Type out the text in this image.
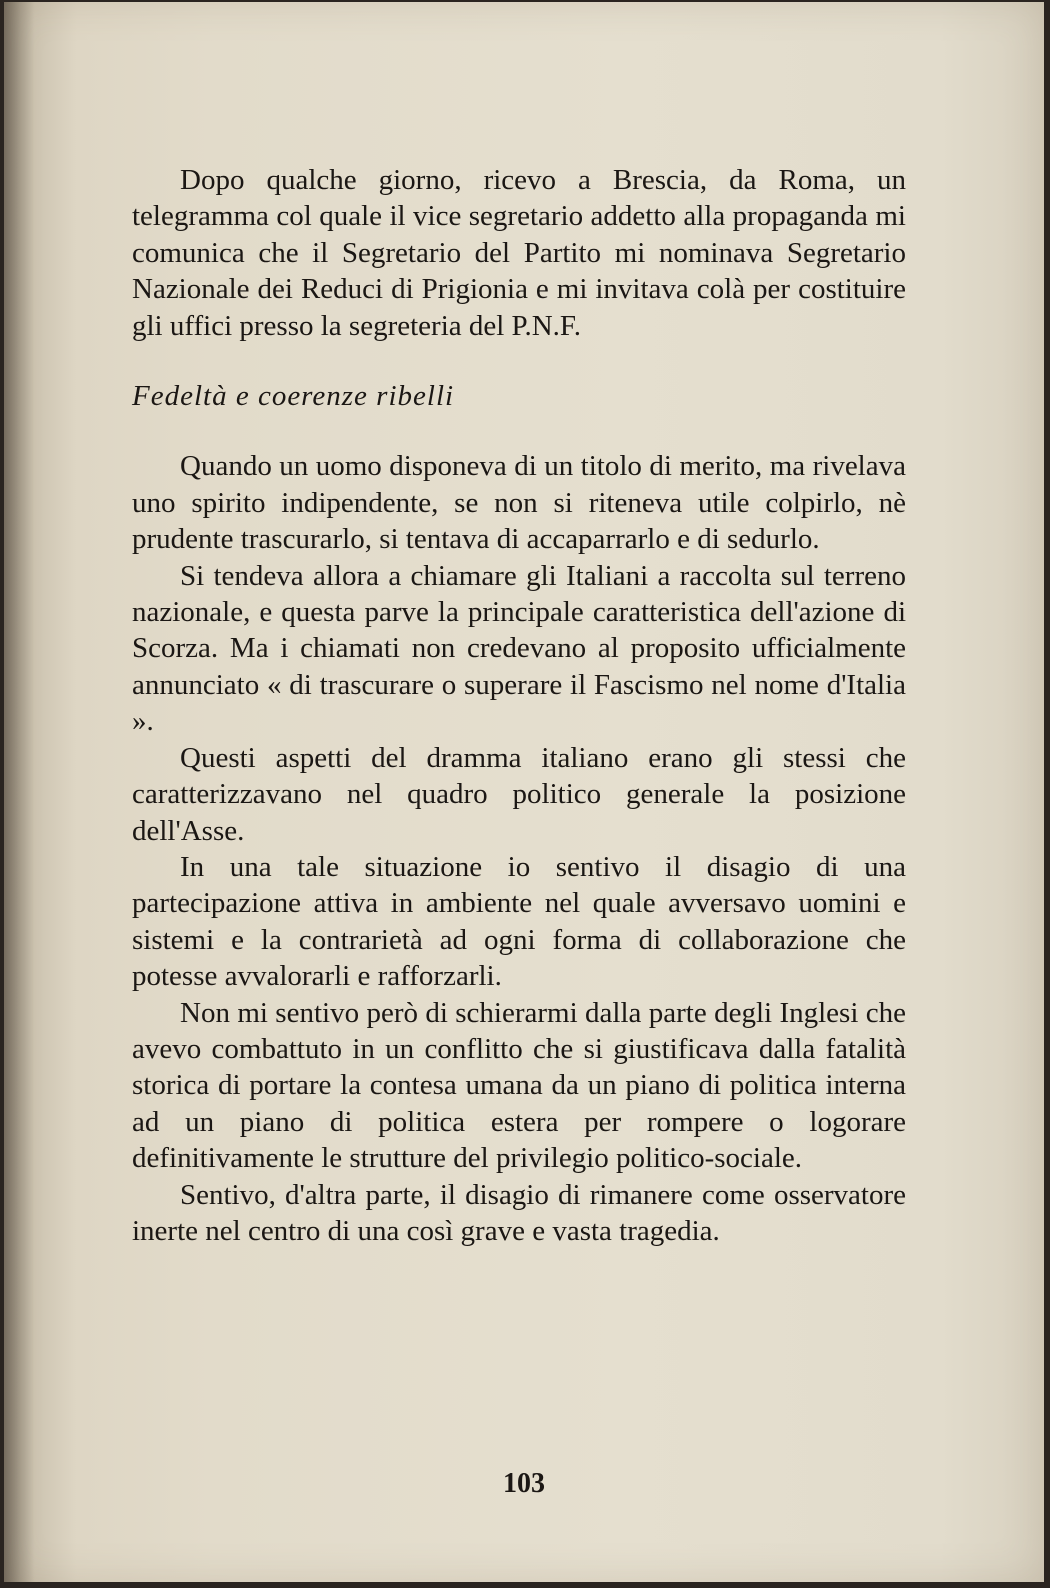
Dopo qualche giorno, ricevo a Brescia, da Roma, un telegramma col quale il vice segretario addetto alla propaganda mi comunica che il Segretario del Partito mi nominava Segretario Nazionale dei Reduci di Prigionia e mi invitava colà per costituire gli uffici presso la segreteria del P.N.F.

Fedeltà e coerenze ribelli

Quando un uomo disponeva di un titolo di merito, ma rivelava uno spirito indipendente, se non si riteneva utile colpirlo, nè prudente trascurarlo, si tentava di accaparrarlo e di sedurlo.

Si tendeva allora a chiamare gli Italiani a raccolta sul terreno nazionale, e questa parve la principale caratteristica dell'azione di Scorza. Ma i chiamati non credevano al proposito ufficialmente annunciato « di trascurare o superare il Fascismo nel nome d'Italia ».

Questi aspetti del dramma italiano erano gli stessi che caratterizzavano nel quadro politico generale la posizione dell'Asse.

In una tale situazione io sentivo il disagio di una partecipazione attiva in ambiente nel quale avversavo uomini e sistemi e la contrarietà ad ogni forma di collaborazione che potesse avvalorarli e rafforzarli.

Non mi sentivo però di schierarmi dalla parte degli Inglesi che avevo combattuto in un conflitto che si giustificava dalla fatalità storica di portare la contesa umana da un piano di politica interna ad un piano di politica estera per rompere o logorare definitivamente le strutture del privilegio politico-sociale.

Sentivo, d'altra parte, il disagio di rimanere come osservatore inerte nel centro di una così grave e vasta tragedia.

103
